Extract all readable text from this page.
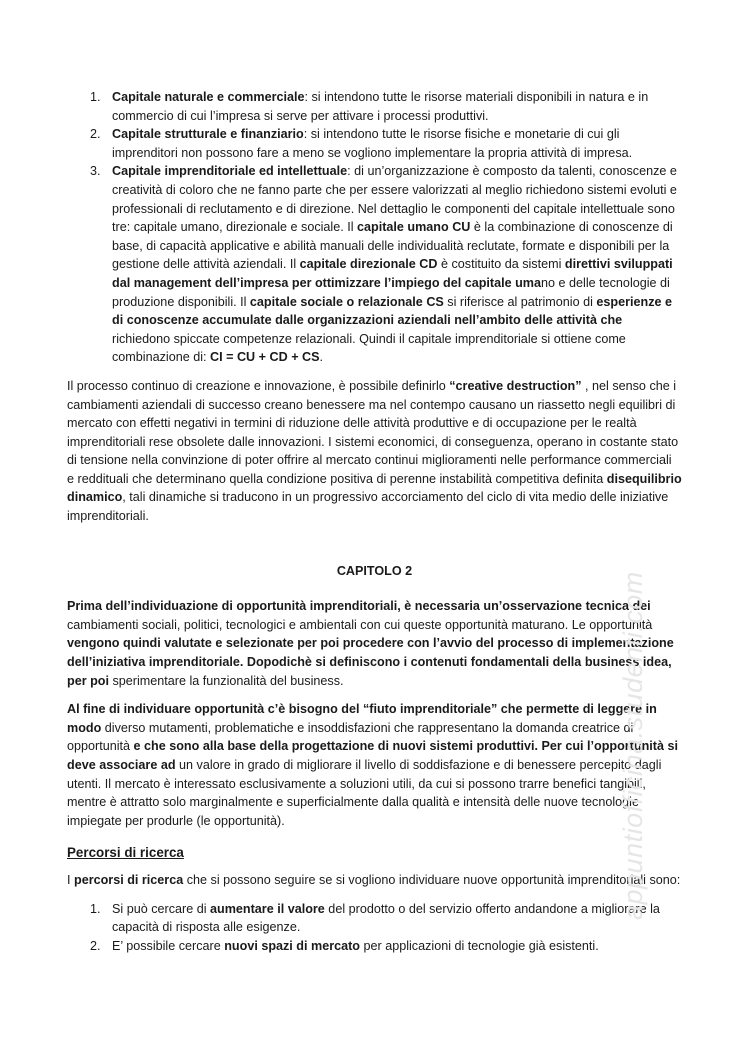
1. Capitale naturale e commerciale: si intendono tutte le risorse materiali disponibili in natura e in commercio di cui l’impresa si serve per attivare i processi produttivi.
2. Capitale strutturale e finanziario: si intendono tutte le risorse fisiche e monetarie di cui gli imprenditori non possono fare a meno se vogliono implementare la propria attività di impresa.
3. Capitale imprenditoriale ed intellettuale: di un’organizzazione è composto da talenti, conoscenze e creatività di coloro che ne fanno parte che per essere valorizzati al meglio richiedono sistemi evoluti e professionali di reclutamento e di direzione. Nel dettaglio le componenti del capitale intellettuale sono tre: capitale umano, direzionale e sociale. Il capitale umano CU è la combinazione di conoscenze di base, di capacità applicative e abilità manuali delle individualità reclutate, formate e disponibili per la gestione delle attività aziendali. Il capitale direzionale CD è costituito da sistemi direttivi sviluppati dal management dell’impresa per ottimizzare l’impiego del capitale umano e delle tecnologie di produzione disponibili. Il capitale sociale o relazionale CS si riferisce al patrimonio di esperienze e di conoscenze accumulate dalle organizzazioni aziendali nell’ambito delle attività che richiedono spiccate competenze relazionali. Quindi il capitale imprenditoriale si ottiene come combinazione di: CI = CU + CD + CS.

Il processo continuo di creazione e innovazione, è possibile definirlo “creative destruction” , nel senso che i cambiamenti aziendali di successo creano benessere ma nel contempo causano un riassetto negli equilibri di mercato con effetti negativi in termini di riduzione delle attività produttive e di occupazione per le realtà imprenditoriali rese obsolete dalle innovazioni. I sistemi economici, di conseguenza, operano in costante stato di tensione nella convinzione di poter offrire al mercato continui miglioramenti nelle performance commerciali e reddituali che determinano quella condizione positiva di perenne instabilità competitiva definita disequilibrio dinamico, tali dinamiche si traducono in un progressivo accorciamento del ciclo di vita medio delle iniziative imprenditoriali.

CAPITOLO 2

Prima dell’individuazione di opportunità imprenditoriali, è necessaria un’osservazione tecnica dei cambiamenti sociali, politici, tecnologici e ambientali con cui queste opportunità maturano. Le opportunità vengono quindi valutate e selezionate per poi procedere con l’avvio del processo di implementazione dell’iniziativa imprenditoriale. Dopodichè si definiscono i contenuti fondamentali della business idea, per poi sperimentare la funzionalità del business.

Al fine di individuare opportunità c’è bisogno del “fiuto imprenditoriale” che permette di leggere in modo diverso mutamenti, problematiche e insoddisfazioni che rappresentano la domanda creatrice di opportunità e che sono alla base della progettazione di nuovi sistemi produttivi. Per cui l’opportunità si deve associare ad un valore in grado di migliorare il livello di soddisfazione e di benessere percepito dagli utenti. Il mercato è interessato esclusivamente a soluzioni utili, da cui si possono trarre benefici tangibili, mentre è attratto solo marginalmente e superficialmente dalla qualità e intensità delle nuove tecnologie impiegate per produrle (le opportunità).

Percorsi di ricerca

I percorsi di ricerca che si possono seguire se si vogliono individuare nuove opportunità imprenditoriali sono:

1. Si può cercare di aumentare il valore del prodotto o del servizio offerto andandone a migliorare la capacità di risposta alle esigenze.
2. E’ possibile cercare nuovi spazi di mercato per applicazioni di tecnologie già esistenti.
appuntiofficina.studenti.com
